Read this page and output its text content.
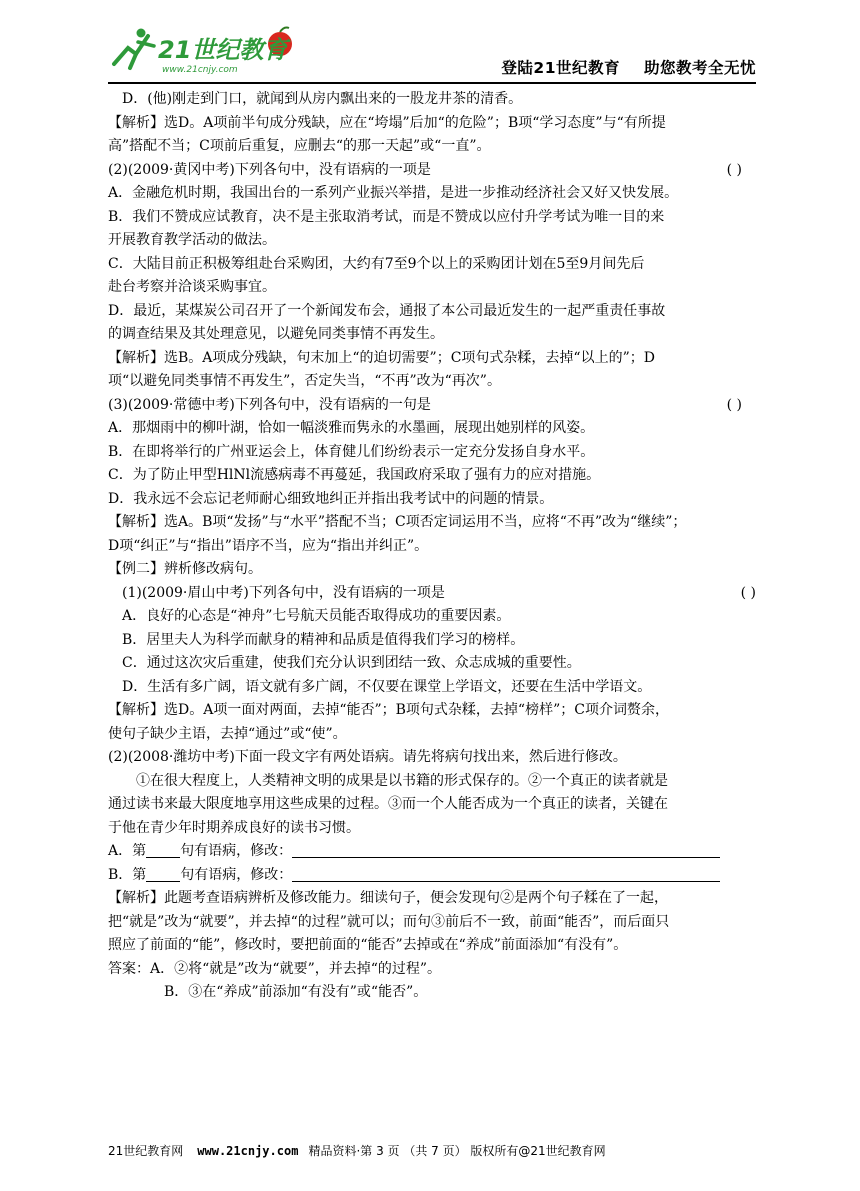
21世纪教育
www.21cnjy.com	登陆21世纪教育 助您教考全无忧
D．(他)刚走到门口，就闻到从房内飘出来的一股龙井茶的清香。
【解析】选D。A项前半句成分残缺，应在“垮塌”后加“的危险”；B项“学习态度”与“有所提
高”搭配不当；C项前后重复，应删去“的那一天起”或“一直”。
(2)(2009·黄冈中考)下列各句中，没有语病的一项是	( )
A．金融危机时期，我国出台的一系列产业振兴举措，是进一步推动经济社会又好又快发展。
B．我们不赞成应试教育，决不是主张取消考试，而是不赞成以应付升学考试为唯一目的来
开展教育教学活动的做法。
C．大陆目前正积极筹组赴台采购团，大约有7至9个以上的采购团计划在5至9月间先后
赴台考察并洽谈采购事宜。
D．最近，某煤炭公司召开了一个新闻发布会，通报了本公司最近发生的一起严重责任事故
的调查结果及其处理意见，以避免同类事情不再发生。
【解析】选B。A项成分残缺，句末加上“的迫切需要”；C项句式杂糅，去掉“以上的”；D
项“以避免同类事情不再发生”，否定失当，“不再”改为“再次”。
(3)(2009·常德中考)下列各句中，没有语病的一句是	( )
A．那烟雨中的柳叶湖，恰如一幅淡雅而隽永的水墨画，展现出她别样的风姿。
B．在即将举行的广州亚运会上，体育健儿们纷纷表示一定充分发扬自身水平。
C．为了防止甲型HlNl流感病毒不再蔓延，我国政府采取了强有力的应对措施。
D．我永远不会忘记老师耐心细致地纠正并指出我考试中的问题的情景。
【解析】选A。B项“发扬”与“水平”搭配不当；C项否定词运用不当，应将“不再”改为“继续”；
D项“纠正”与“指出”语序不当，应为“指出并纠正”。
【例二】辨析修改病句。
(1)(2009·眉山中考)下列各句中，没有语病的一项是	( )
A．良好的心态是“神舟”七号航天员能否取得成功的重要因素。
B．居里夫人为科学而献身的精神和品质是值得我们学习的榜样。
C．通过这次灾后重建，使我们充分认识到团结一致、众志成城的重要性。
D．生活有多广阔，语文就有多广阔，不仅要在课堂上学语文，还要在生活中学语文。
【解析】选D。A项一面对两面，去掉“能否”；B项句式杂糅，去掉“榜样”；C项介词赘余，
使句子缺少主语，去掉“通过”或“使”。
(2)(2008·潍坊中考)下面一段文字有两处语病。请先将病句找出来，然后进行修改。
①在很大程度上，人类精神文明的成果是以书籍的形式保存的。②一个真正的读者就是
通过读书来最大限度地享用这些成果的过程。③而一个人能否成为一个真正的读者，关键在
于他在青少年时期养成良好的读书习惯。
A．第 句有语病，修改：
B．第 句有语病，修改：
【解析】此题考查语病辨析及修改能力。细读句子，便会发现句②是两个句子糅在了一起，
把“就是”改为“就要”，并去掉“的过程”就可以；而句③前后不一致，前面“能否”，而后面只
照应了前面的“能”，修改时，要把前面的“能否”去掉或在“养成”前面添加“有没有”。
答案：A．②将“就是”改为“就要”，并去掉“的过程”。
B．③在“养成”前添加“有没有”或“能否”。
21世纪教育网 www.21cnjy.com 精品资料·第 3 页 （共 7 页） 版权所有@21世纪教育网
